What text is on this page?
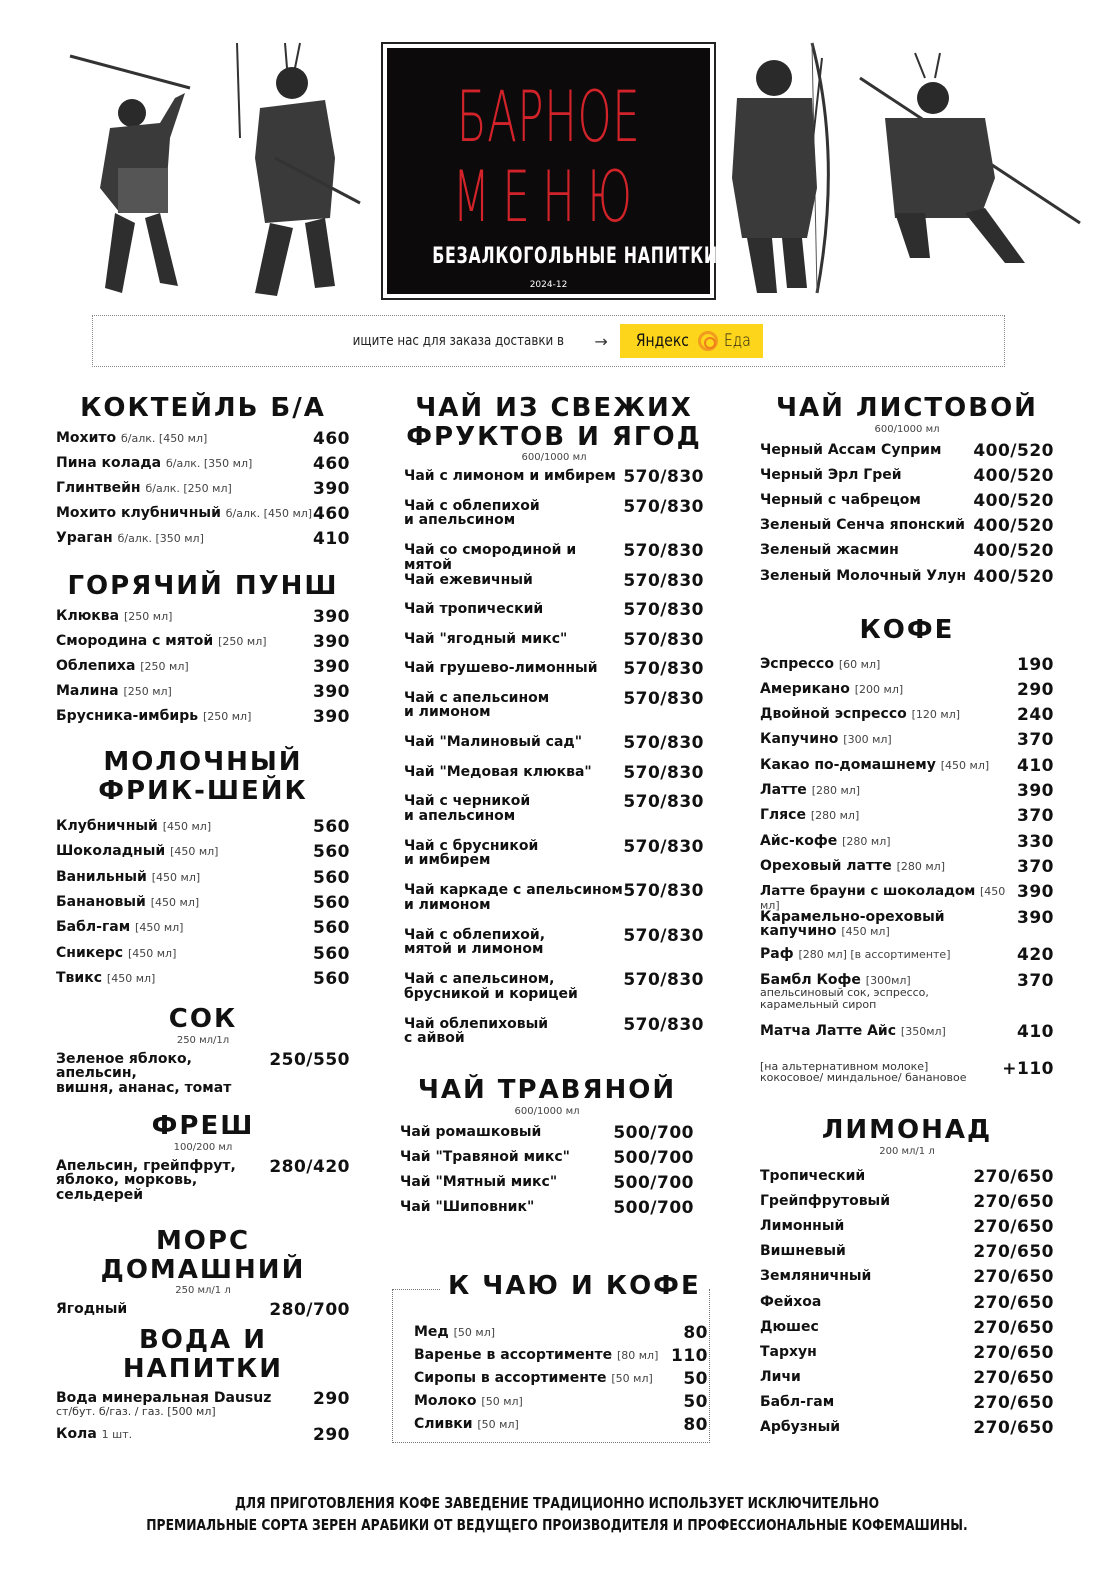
БАРНОЕ
МЕНЮ
БЕЗАЛКОГОЛЬНЫЕ НАПИТКИ
2024-12
ищите нас для заказа доставки в → Яндекс Еда
КОКТЕЙЛЬ Б/А
Мохито б/алк. [450 мл]	460
Пина колада б/алк. [350 мл]	460
Глинтвейн б/алк. [250 мл]	390
Мохито клубничный б/алк. [450 мл] 460
Ураган б/алк. [350 мл]	410
ГОРЯЧИЙ ПУНШ
Клюква [250 мл]	390
Смородина с мятой [250 мл]	390
Облепиха [250 мл]	390
Малина [250 мл]	390
Брусника-имбирь [250 мл]	390
МОЛОЧНЫЙ
ФРИК-ШЕЙК
Клубничный [450 мл]	560
Шоколадный [450 мл]	560
Ванильный [450 мл]	560
Банановый [450 мл]	560
Бабл-гам [450 мл]	560
Сникерс [450 мл]	560
Твикс [450 мл]	560
СОК
250 мл/1л
Зеленое яблоко, апельсин,
вишня, ананас, томат
250/550
ФРЕШ
100/200 мл
Апельсин, грейпфрут,
яблоко, морковь, сельдерей
280/420
МОРС ДОМАШНИЙ
250 мл/1 л
Ягодный	280/700
ВОДА И НАПИТКИ
Вода минеральная Dausuz
ст/бут. б/газ. / газ. [500 мл]
290
Кола 1 шт.	290
ЧАЙ ИЗ СВЕЖИХ
ФРУКТОВ И ЯГОД
600/1000 мл
Чай с лимоном и имбирем 570/830
Чай с облепихой
и апельсином
570/830
Чай со смородиной и мятой
570/830
Чай ежевичный	570/830
Чай тропический	570/830
Чай "ягодный микс"	570/830
Чай грушево-лимонный 570/830
Чай с апельсином
и лимоном
570/830
Чай "Малиновый сад" 570/830
Чай "Медовая клюква" 570/830
Чай с черникой
и апельсином
570/830
Чай с брусникой
и имбирем
570/830
Чай каркаде с апельсином
и лимоном
570/830
Чай с облепихой,
мятой и лимоном
570/830
Чай с апельсином,
брусникой и корицей
570/830
Чай облепиховый
с айвой
570/830
ЧАЙ ТРАВЯНОЙ
600/1000 мл
Чай ромашковый	500/700
Чай "Травяной микс"	500/700
Чай "Мятный микс"	500/700
Чай "Шиповник"	500/700
К ЧАЮ И КОФЕ
Мед [50 мл]	80
Варенье в ассортименте [80 мл] 110
Сиропы в ассортименте [50 мл] 50
Молоко [50 мл]	50
Сливки [50 мл]	80
ЧАЙ ЛИСТОВОЙ
600/1000 мл
Черный Ассам Суприм 400/520
Черный Эрл Грей	400/520
Черный с чабрецом	400/520
Зеленый Сенча японский 400/520
Зеленый жасмин	400/520
Зеленый Молочный Улун 400/520
КОФЕ
Эспрессо [60 мл]	190
Американо [200 мл]	290
Двойной эспрессо [120 мл]	240
Капучино [300 мл]	370
Какао по-домашнему [450 мл] 410
Латте [280 мл]	390
Глясе [280 мл]	370
Айс-кофе [280 мл]	330
Ореховый латте [280 мл]	370
Латте брауни с шоколадом [450 мл]
390
Карамельно-ореховый
капучино [450 мл]
390
Раф [280 мл] [в ассортименте]	420
Бамбл Кофе [300мл]
апельсиновый сок, эспрессо,
карамельный сироп
370
Матча Латте Айс [350мл]	410
[на альтернативном молоке]
кокосовое/ миндальное/ банановое +110
ЛИМОНАД
200 мл/1 л
Тропический	270/650
Грейпфрутовый	270/650
Лимонный	270/650
Вишневый	270/650
Земляничный	270/650
Фейхоа	270/650
Дюшес	270/650
Тархун	270/650
Личи	270/650
Бабл-гам	270/650
Арбузный	270/650
ДЛЯ ПРИГОТОВЛЕНИЯ КОФЕ ЗАВЕДЕНИЕ ТРАДИЦИОННО ИСПОЛЬЗУЕТ ИСКЛЮЧИТЕЛЬНО
ПРЕМИАЛЬНЫЕ СОРТА ЗЕРЕН АРАБИКИ ОТ ВЕДУЩЕГО ПРОИЗВОДИТЕЛЯ И ПРОФЕССИОНАЛЬНЫЕ КОФЕМАШИНЫ.
